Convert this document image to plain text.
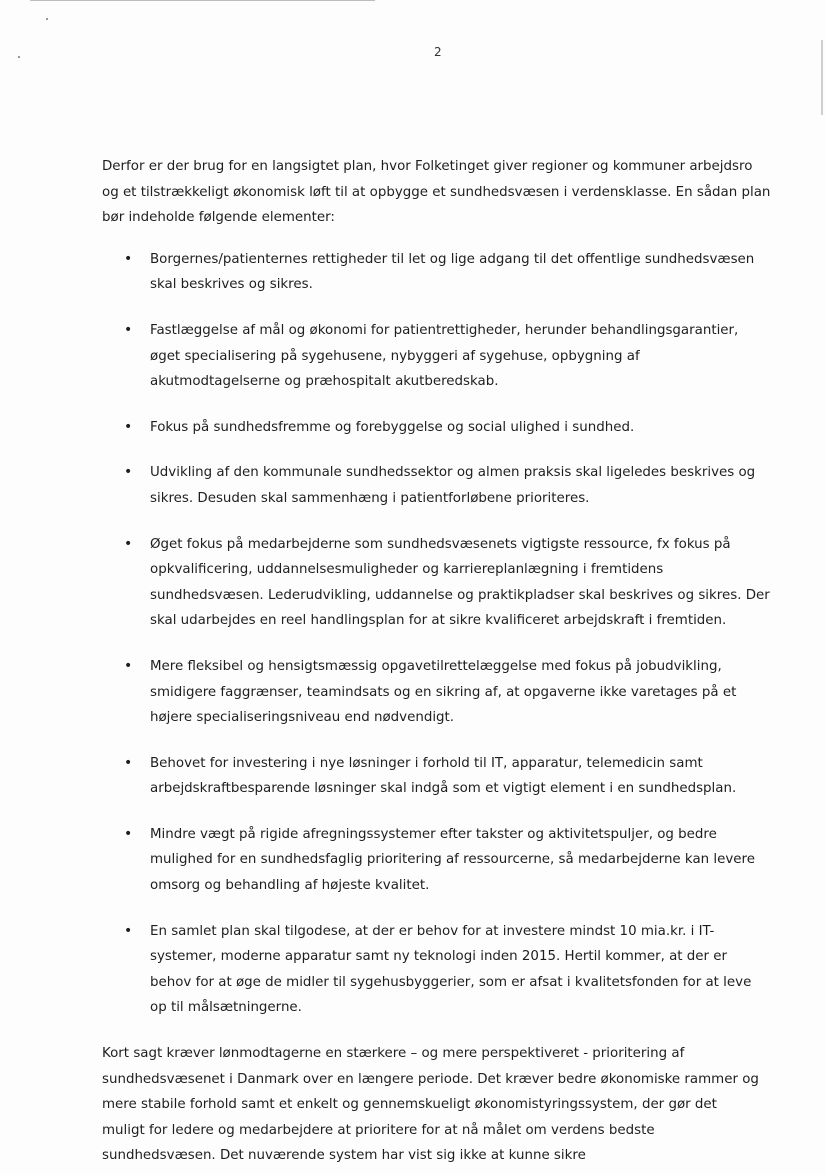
2

Derfor er der brug for en langsigtet plan, hvor Folketinget giver regioner og kommuner arbejdsro og et tilstrækkeligt økonomisk løft til at opbygge et sundhedsvæsen i verdensklasse. En sådan plan bør indeholde følgende elementer:

• Borgernes/patienternes rettigheder til let og lige adgang til det offentlige sundhedsvæsen skal beskrives og sikres.
• Fastlæggelse af mål og økonomi for patientrettigheder, herunder behandlingsgarantier, øget specialisering på sygehusene, nybyggeri af sygehuse, opbygning af akutmodtagelserne og præhospitalt akutberedskab.
• Fokus på sundhedsfremme og forebyggelse og social ulighed i sundhed.
• Udvikling af den kommunale sundhedssektor og almen praksis skal ligeledes beskrives og sikres. Desuden skal sammenhæng i patientforløbene prioriteres.
• Øget fokus på medarbejderne som sundhedsvæsenets vigtigste ressource, fx fokus på opkvalificering, uddannelsesmuligheder og karriereplanlægning i fremtidens sundhedsvæsen. Lederudvikling, uddannelse og praktikpladser skal beskrives og sikres. Der skal udarbejdes en reel handlingsplan for at sikre kvalificeret arbejdskraft i fremtiden.
• Mere fleksibel og hensigtsmæssig opgavetilrettelæggelse med fokus på jobudvikling, smidigere faggrænser, teamindsats og en sikring af, at opgaverne ikke varetages på et højere specialiseringsniveau end nødvendigt.
• Behovet for investering i nye løsninger i forhold til IT, apparatur, telemedicin samt arbejdskraftbesparende løsninger skal indgå som et vigtigt element i en sundhedsplan.
• Mindre vægt på rigide afregningssystemer efter takster og aktivitetspuljer, og bedre mulighed for en sundhedsfaglig prioritering af ressourcerne, så medarbejderne kan levere omsorg og behandling af højeste kvalitet.
• En samlet plan skal tilgodese, at der er behov for at investere mindst 10 mia.kr. i IT-systemer, moderne apparatur samt ny teknologi inden 2015. Hertil kommer, at der er behov for at øge de midler til sygehusbyggerier, som er afsat i kvalitetsfonden for at leve op til målsætningerne.

Kort sagt kræver lønmodtagerne en stærkere – og mere perspektiveret - prioritering af sundhedsvæsenet i Danmark over en længere periode. Det kræver bedre økonomiske rammer og mere stabile forhold samt et enkelt og gennemskueligt økonomistyringssystem, der gør det muligt for ledere og medarbejdere at prioritere for at nå målet om verdens bedste sundhedsvæsen. Det nuværende system har vist sig ikke at kunne sikre
